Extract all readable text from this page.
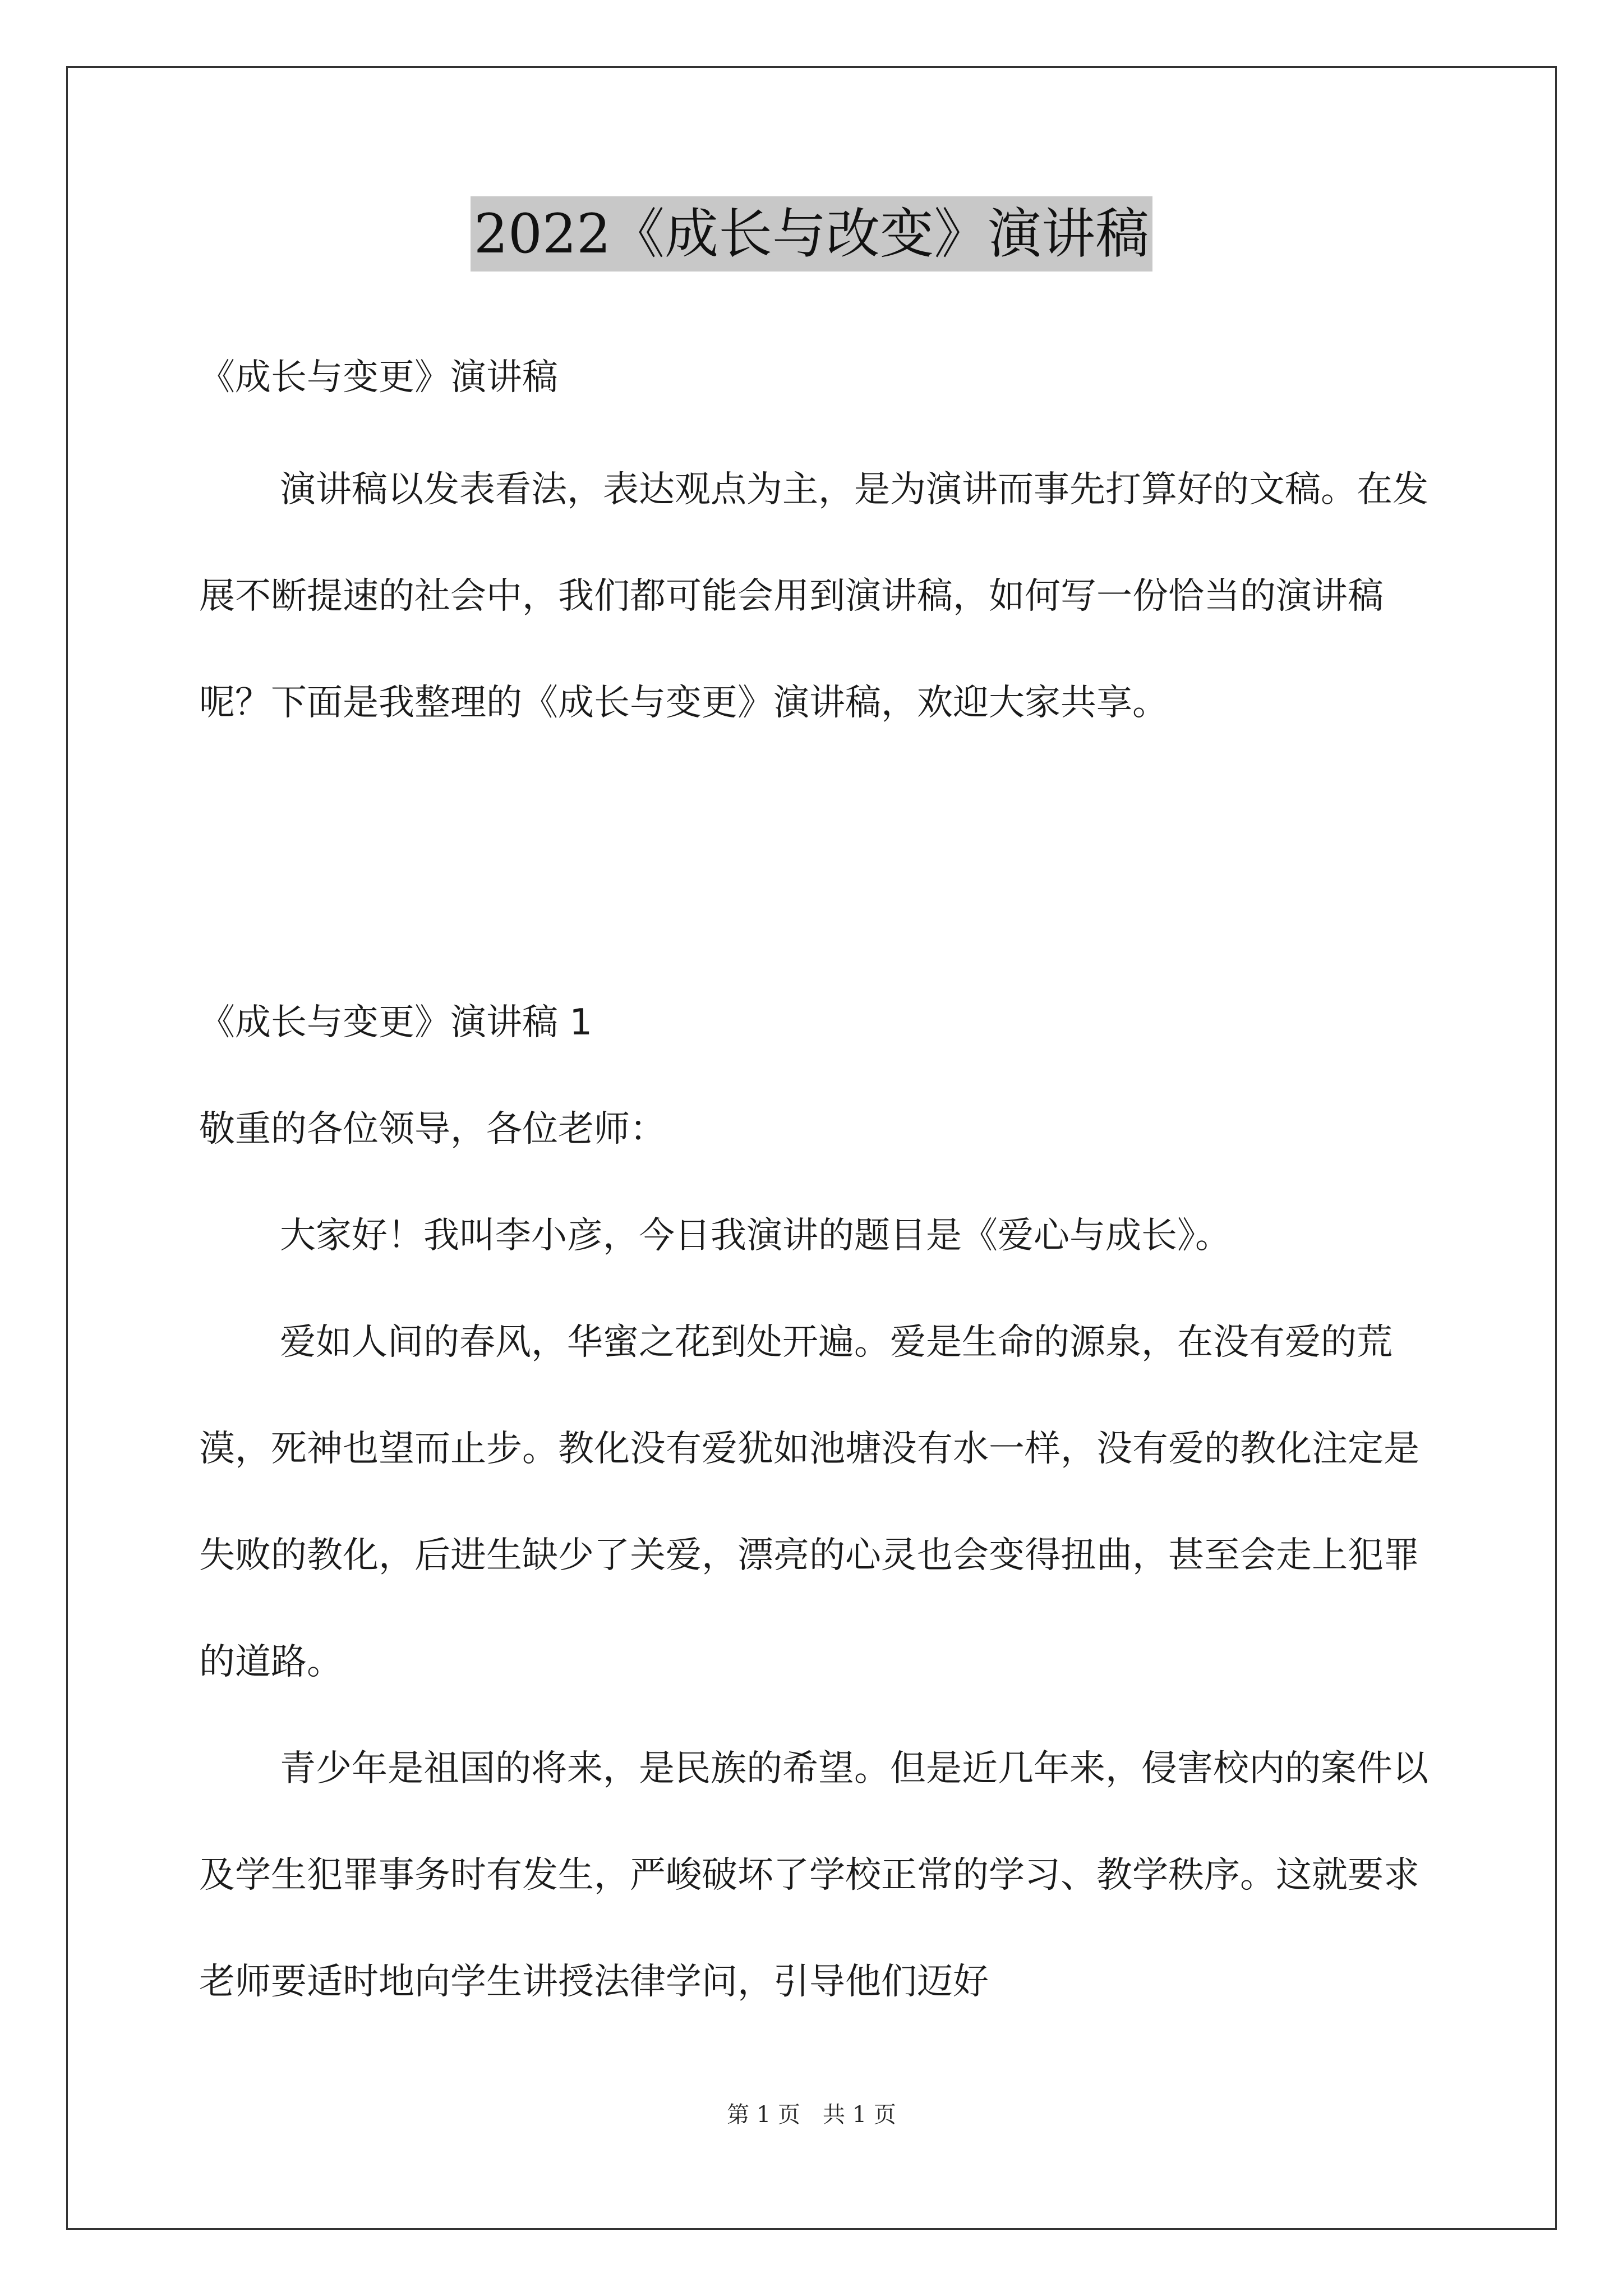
2022《成长与改变》演讲稿

《成长与变更》演讲稿

演讲稿以发表看法，表达观点为主，是为演讲而事先打算好的文稿。在发展不断提速的社会中，我们都可能会用到演讲稿，如何写一份恰当的演讲稿呢？下面是我整理的《成长与变更》演讲稿，欢迎大家共享。

《成长与变更》演讲稿 1

敬重的各位领导，各位老师：

大家好！我叫李小彦，今日我演讲的题目是《爱心与成长》。

爱如人间的春风，华蜜之花到处开遍。爱是生命的源泉，在没有爱的荒漠，死神也望而止步。教化没有爱犹如池塘没有水一样，没有爱的教化注定是失败的教化，后进生缺少了关爱，漂亮的心灵也会变得扭曲，甚至会走上犯罪的道路。

青少年是祖国的将来，是民族的希望。但是近几年来，侵害校内的案件以及学生犯罪事务时有发生，严峻破坏了学校正常的学习、教学秩序。这就要求老师要适时地向学生讲授法律学问，引导他们迈好

第 1 页　共 1 页
